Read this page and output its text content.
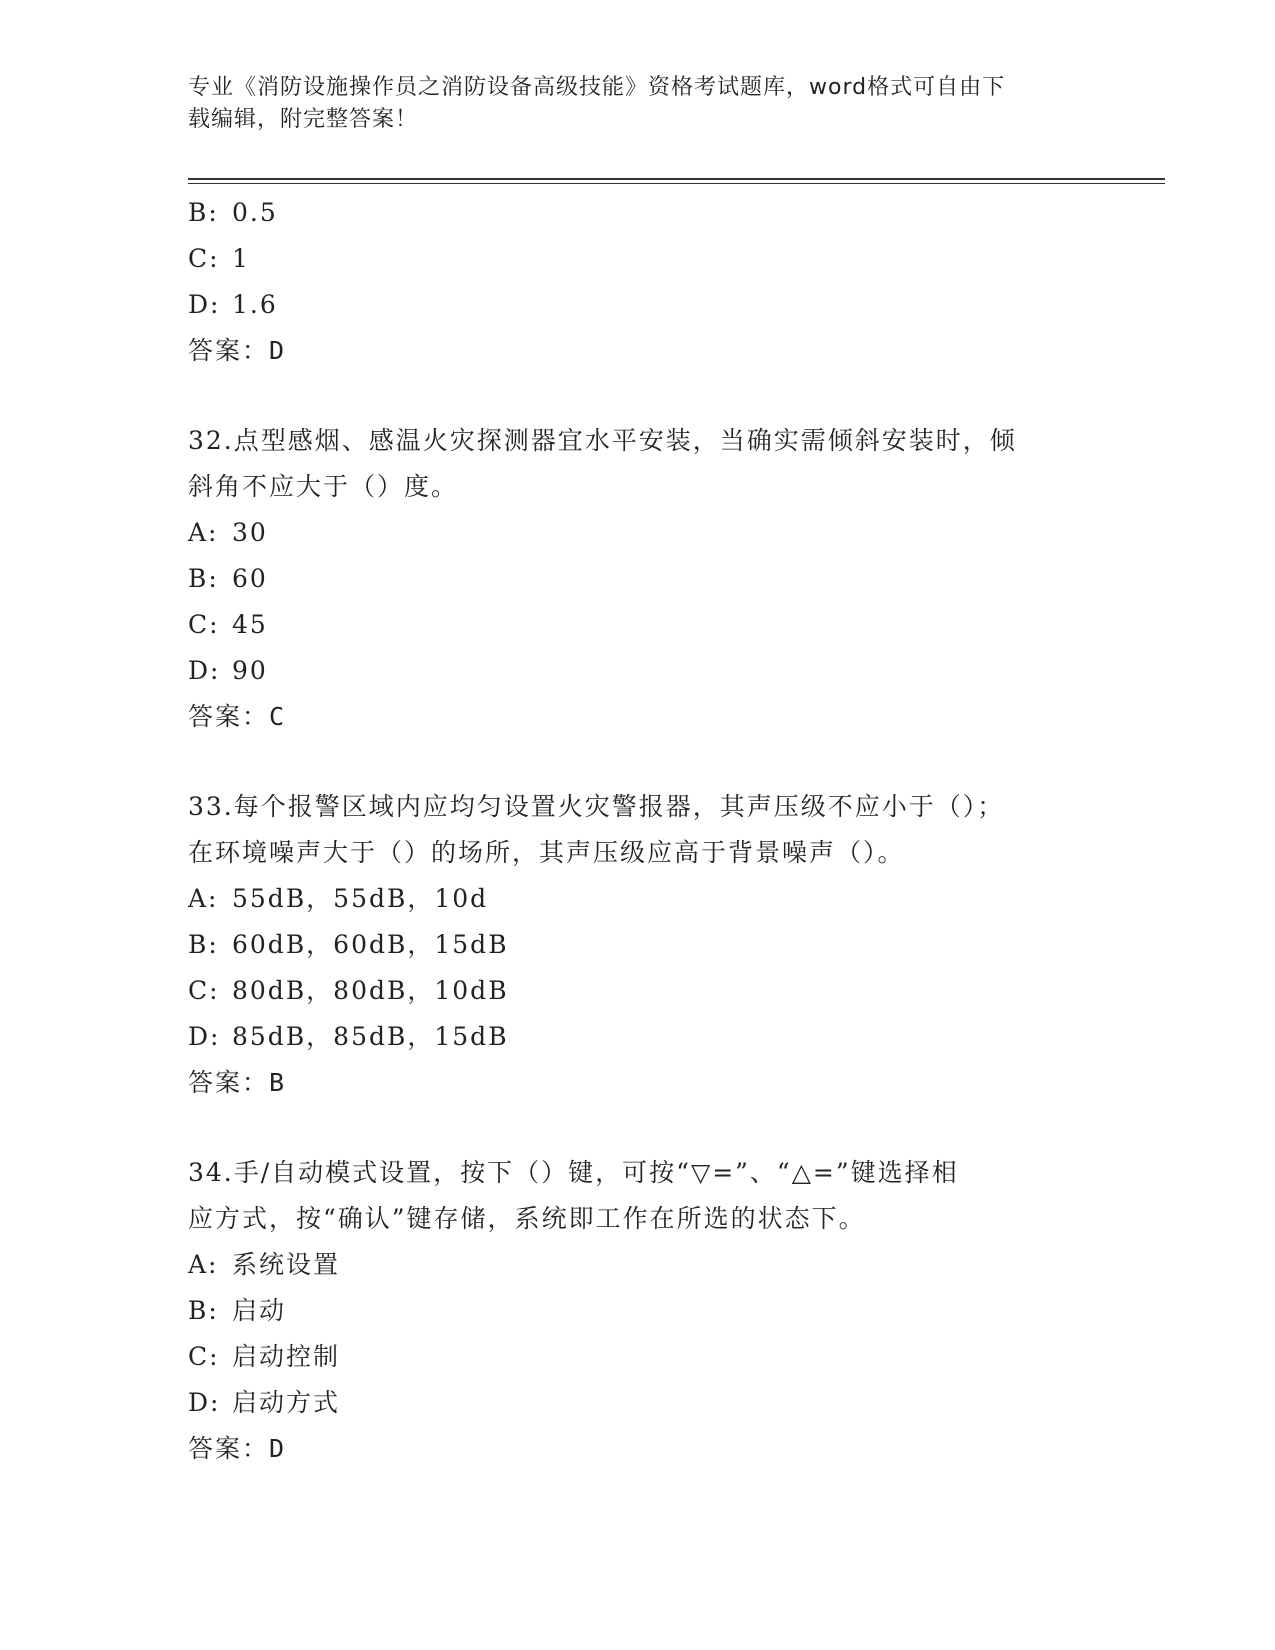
专业《消防设施操作员之消防设备高级技能》资格考试题库，word格式可自由下
载编辑，附完整答案！
B: 0.5
C: 1
D: 1.6
答案：D
32.点型感烟、感温火灾探测器宜水平安装，当确实需倾斜安装时，倾
斜角不应大于（）度。
A: 30
B: 60
C: 45
D: 90
答案：C
33.每个报警区域内应均匀设置火灾警报器，其声压级不应小于（）；
在环境噪声大于（）的场所，其声压级应高于背景噪声（）。
A: 55dB，55dB，10d
B: 60dB，60dB，15dB
C: 80dB，80dB，10dB
D: 85dB，85dB，15dB
答案：B
34.手/自动模式设置，按下（）键，可按“▽=”、“△=”键选择相
应方式，按“确认”键存储，系统即工作在所选的状态下。
A: 系统设置
B: 启动
C: 启动控制
D: 启动方式
答案：D
